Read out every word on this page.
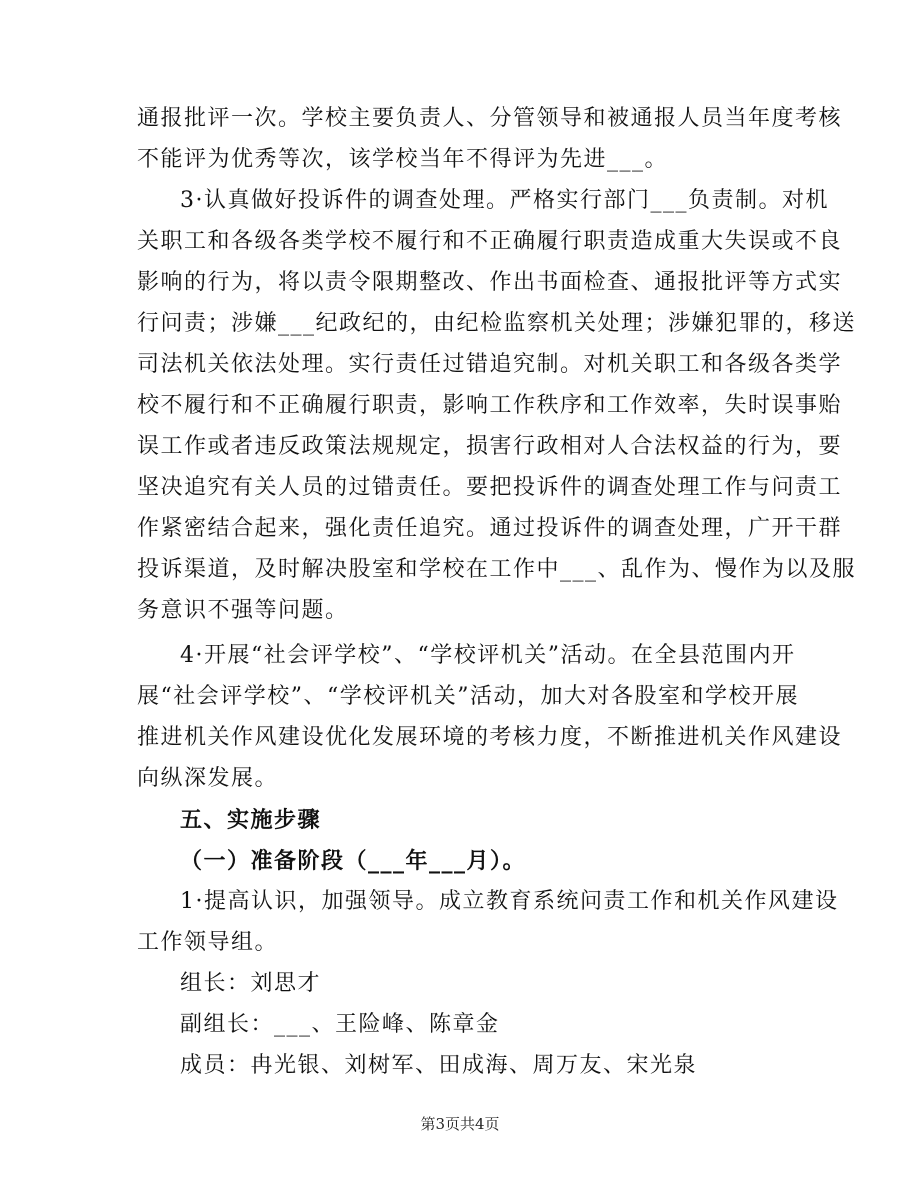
通报批评一次。学校主要负责人、分管领导和被通报人员当年度考核
不能评为优秀等次，该学校当年不得评为先进___。
3·认真做好投诉件的调查处理。严格实行部门___负责制。对机
关职工和各级各类学校不履行和不正确履行职责造成重大失误或不良
影响的行为，将以责令限期整改、作出书面检查、通报批评等方式实
行问责；涉嫌___纪政纪的，由纪检监察机关处理；涉嫌犯罪的，移送
司法机关依法处理。实行责任过错追究制。对机关职工和各级各类学
校不履行和不正确履行职责，影响工作秩序和工作效率，失时误事贻
误工作或者违反政策法规规定，损害行政相对人合法权益的行为，要
坚决追究有关人员的过错责任。要把投诉件的调查处理工作与问责工
作紧密结合起来，强化责任追究。通过投诉件的调查处理，广开干群
投诉渠道，及时解决股室和学校在工作中___、乱作为、慢作为以及服
务意识不强等问题。
4·开展“社会评学校”、“学校评机关”活动。在全县范围内开
展“社会评学校”、“学校评机关”活动，加大对各股室和学校开展
推进机关作风建设优化发展环境的考核力度，不断推进机关作风建设
向纵深发展。
五、实施步骤
（一）准备阶段（___年___月）。
1·提高认识，加强领导。成立教育系统问责工作和机关作风建设
工作领导组。
组长：刘思才
副组长：___、王险峰、陈章金
成员：冉光银、刘树军、田成海、周万友、宋光泉
第3页共4页
